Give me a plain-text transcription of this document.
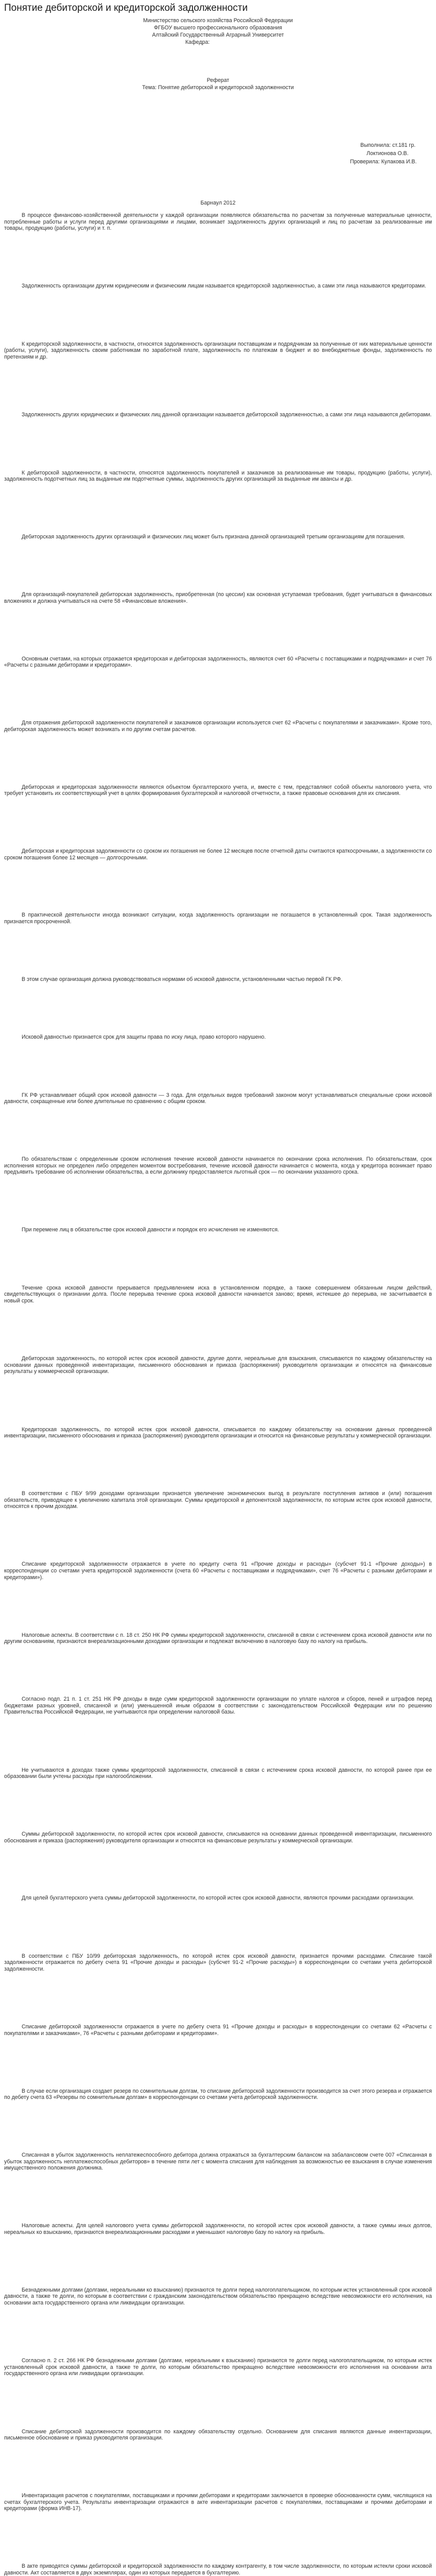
Понятие дебиторской и кредиторской задолженности
Министерство сельского хозяйства Российской Федерации
ФГБОУ высшего профессионального образования
Алтайский Государственный Аграрный Университет
Кафедра:
Реферат
Тема: Понятие дебиторской и кредиторской задолженности
Выполнила: ст.181 гр.
Локтионова О.В.
Проверила: Кулакова И.В.
Барнаул 2012

В процессе финансово-хозяйственной деятельности у каждой организации появляются обязательства по расчетам за полученные материальные ценности, потребленные работы и услуги перед другими организациями и лицами, возникает задолженность других организаций и лиц по расчетам за реализованные им товары, продукцию (работы, услуги) и т. п.

Задолженность организации другим юридическим и физическим лицам называется кредиторской задолженностью, а сами эти лица называются кредиторами.

К кредиторской задолженности, в частности, относятся задолженность организации поставщикам и подрядчикам за полученные от них материальные ценности (работы, услуги), задолженность своим работникам по заработной плате, задолженность по платежам в бюджет и во внебюджетные фонды, задолженность по претензиям и др.

Задолженность других юридических и физических лиц данной организации называется дебиторской задолженностью, а сами эти лица называются дебиторами.

К дебиторской задолженности, в частности, относятся задолженность покупателей и заказчиков за реализованные им товары, продукцию (работы, услуги), задолженность подотчетных лиц за выданные им подотчетные суммы, задолженность других организаций за выданные им авансы и др.

Дебиторская задолженность других организаций и физических лиц может быть признана данной организацией третьим организациям для погашения.

Для организаций-покупателей дебиторская задолженность, приобретенная (по цессии) как основная уступаемая требования, будет учитываться в финансовых вложениях и должна учитываться на счете 58 «Финансовые вложения».

Основным счетами, на которых отражается кредиторская и дебиторская задолженность, являются счет 60 «Расчеты с поставщиками и подрядчиками» и счет 76 «Расчеты с разными дебиторами и кредиторами».

Для отражения дебиторской задолженности покупателей и заказчиков организации используется счет 62 «Расчеты с покупателями и заказчиками». Кроме того, дебиторская задолженность может возникать и по другим счетам расчетов.

Дебиторская и кредиторская задолженности являются объектом бухгалтерского учета, и, вместе с тем, представляют собой объекты налогового учета, что требует установить их соответствующий учет в целях формирования бухгалтерской и налоговой отчетности, а также правовые основания для их списания.

Дебиторская и кредиторская задолженности со сроком их погашения не более 12 месяцев после отчетной даты считаются краткосрочными, а задолженности со сроком погашения более 12 месяцев — долгосрочными.

В практической деятельности иногда возникают ситуации, когда задолженность организации не погашается в установленный срок. Такая задолженность признается просроченной.

В этом случае организация должна руководствоваться нормами об исковой давности, установленными частью первой ГК РФ.

Исковой давностью признается срок для защиты права по иску лица, право которого нарушено.

ГК РФ устанавливает общий срок исковой давности — 3 года. Для отдельных видов требований законом могут устанавливаться специальные сроки исковой давности, сокращенные или более длительные по сравнению с общим сроком.

По обязательствам с определенным сроком исполнения течение исковой давности начинается по окончании срока исполнения. По обязательствам, срок исполнения которых не определен либо определен моментом востребования, течение исковой давности начинается с момента, когда у кредитора возникает право предъявить требование об исполнении обязательства, а если должнику предоставляется льготный срок — по окончании указанного срока.

При перемене лиц в обязательстве срок исковой давности и порядок его исчисления не изменяются.

Течение срока исковой давности прерывается предъявлением иска в установленном порядке, а также совершением обязанным лицом действий, свидетельствующих о признании долга. После перерыва течение срока исковой давности начинается заново; время, истекшее до перерыва, не засчитывается в новый срок.

Дебиторская задолженность, по которой истек срок исковой давности, другие долги, нереальные для взыскания, списываются по каждому обязательству на основании данных проведенной инвентаризации, письменного обоснования и приказа (распоряжения) руководителя организации и относятся на финансовые результаты у коммерческой организации.

Кредиторская задолженность, по которой истек срок исковой давности, списывается по каждому обязательству на основании данных проведенной инвентаризации, письменного обоснования и приказа (распоряжения) руководителя организации и относится на финансовые результаты у коммерческой организации.

В соответствии с ПБУ 9/99 доходами организации признается увеличение экономических выгод в результате поступления активов и (или) погашения обязательств, приводящее к увеличению капитала этой организации. Суммы кредиторской и депонентской задолженности, по которым истек срок исковой давности, относятся к прочим доходам.

Списание кредиторской задолженности отражается в учете по кредиту счета 91 «Прочие доходы и расходы» (субсчет 91-1 «Прочие доходы») в корреспонденции со счетами учета кредиторской задолженности (счета 60 «Расчеты с поставщиками и подрядчиками», счет 76 «Расчеты с разными дебиторами и кредиторами»).

Налоговые аспекты. В соответствии с п. 18 ст. 250 НК РФ суммы кредиторской задолженности, списанной в связи с истечением срока исковой давности или по другим основаниям, признаются внереализационными доходами организации и подлежат включению в налоговую базу по налогу на прибыль.

Согласно подп. 21 п. 1 ст. 251 НК РФ доходы в виде сумм кредиторской задолженности организации по уплате налогов и сборов, пеней и штрафов перед бюджетами разных уровней, списанной и (или) уменьшенной иным образом в соответствии с законодательством Российской Федерации или по решению Правительства Российской Федерации, не учитываются при определении налоговой базы.

Не учитываются в доходах также суммы кредиторской задолженности, списанной в связи с истечением срока исковой давности, по которой ранее при ее образовании были учтены расходы при налогообложении.

Суммы дебиторской задолженности, по которой истек срок исковой давности, списываются на основании данных проведенной инвентаризации, письменного обоснования и приказа (распоряжения) руководителя организации и относятся на финансовые результаты у коммерческой организации.

Для целей бухгалтерского учета суммы дебиторской задолженности, по которой истек срок исковой давности, являются прочими расходами организации.

В соответствии с ПБУ 10/99 дебиторская задолженность, по которой истек срок исковой давности, признается прочими расходами. Списание такой задолженности отражается по дебету счета 91 «Прочие доходы и расходы» (субсчет 91-2 «Прочие расходы») в корреспонденции со счетами учета дебиторской задолженности.

Списание дебиторской задолженности отражается в учете по дебету счета 91 «Прочие доходы и расходы» в корреспонденции со счетами 62 «Расчеты с покупателями и заказчиками», 76 «Расчеты с разными дебиторами и кредиторами».

В случае если организация создает резерв по сомнительным долгам, то списание дебиторской задолженности производится за счет этого резерва и отражается по дебету счета 63 «Резервы по сомнительным долгам» в корреспонденции со счетами учета дебиторской задолженности.

Списанная в убыток задолженность неплатежеспособного дебитора должна отражаться за бухгалтерским балансом на забалансовом счете 007 «Списанная в убыток задолженность неплатежеспособных дебиторов» в течение пяти лет с момента списания для наблюдения за возможностью ее взыскания в случае изменения имущественного положения должника.

Налоговые аспекты. Для целей налогового учета суммы дебиторской задолженности, по которой истек срок исковой давности, а также суммы иных долгов, нереальных ко взысканию, признаются внереализационными расходами и уменьшают налоговую базу по налогу на прибыль.

Безнадежными долгами (долгами, нереальными ко взысканию) признаются те долги перед налогоплательщиком, по которым истек установленный срок исковой давности, а также те долги, по которым в соответствии с гражданским законодательством обязательство прекращено вследствие невозможности его исполнения, на основании акта государственного органа или ликвидации организации.

Согласно п. 2 ст. 266 НК РФ безнадежными долгами (долгами, нереальными к взысканию) признаются те долги перед налогоплательщиком, по которым истек установленный срок исковой давности, а также те долги, по которым обязательство прекращено вследствие невозможности его исполнения на основании акта государственного органа или ликвидации организации.

Списание дебиторской задолженности производится по каждому обязательству отдельно. Основанием для списания являются данные инвентаризации, письменное обоснование и приказ руководителя организации.

Инвентаризация расчетов с покупателями, поставщиками и прочими дебиторами и кредиторами заключается в проверке обоснованности сумм, числящихся на счетах бухгалтерского учета. Результаты инвентаризации отражаются в акте инвентаризации расчетов с покупателями, поставщиками и прочими дебиторами и кредиторами (форма ИНВ-17).

В акте приводятся суммы дебиторской и кредиторской задолженности по каждому контрагенту, в том числе задолженности, по которым истекли сроки исковой давности. Акт составляется в двух экземплярах, один из которых передается в бухгалтерию.
